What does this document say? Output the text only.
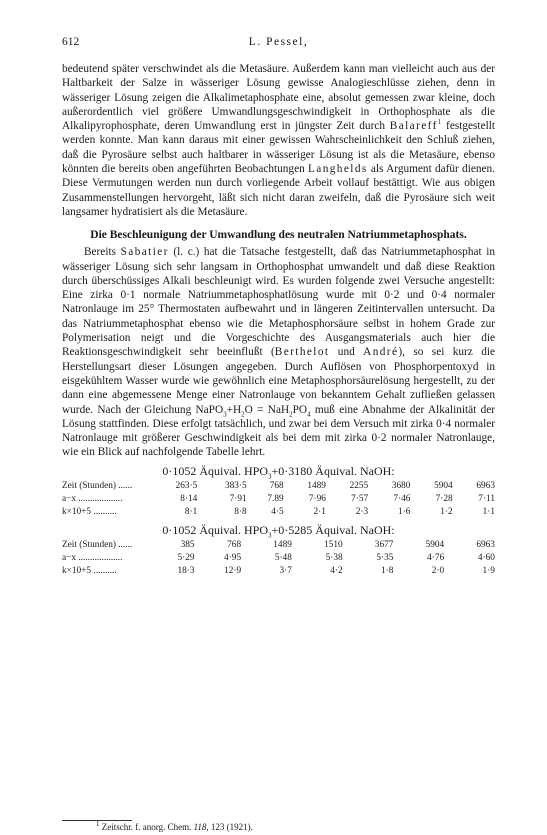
612	L. Pessel,

bedeutend später verschwindet als die Metasäure. Außerdem kann man vielleicht auch aus der Haltbarkeit der Salze in wässeriger Lösung gewisse Analogieschlüsse ziehen, denn in wässeriger Lösung zeigen die Alkalimetaphosphate eine, absolut gemessen zwar kleine, doch außerordentlich viel größere Umwandlungsgeschwindigkeit in Orthophosphate als die Alkalipyrophosphate, deren Umwandlung erst in jüngster Zeit durch Balareff$^1$ festgestellt werden konnte. Man kann daraus mit einer gewissen Wahrscheinlichkeit den Schluß ziehen, daß die Pyrosäure selbst auch haltbarer in wässeriger Lösung ist als die Metasäure, ebenso könnten die bereits oben angeführten Beobachtungen Langhelds als Argument dafür dienen. Diese Vermutungen werden nun durch vorliegende Arbeit vollauf bestättigt. Wie aus obigen Zusammenstellungen hervorgeht, läßt sich nicht daran zweifeln, daß die Pyrosäure sich weit langsamer hydratisiert als die Metasäure.

Die Beschleunigung der Umwandlung des neutralen Natriummetaphosphats.

Bereits Sabatier (l. c.) hat die Tatsache festgestellt, daß das Natriummetaphosphat in wässeriger Lösung sich sehr langsam in Orthophosphat umwandelt und daß diese Reaktion durch überschüssiges Alkali beschleunigt wird. Es wurden folgende zwei Versuche angestellt: Eine zirka 0·1 normale Natriummetaphosphatlösung wurde mit 0·2 und 0·4 normaler Natronlauge im 25° Thermostaten aufbewahrt und in längeren Zeitintervallen untersucht. Da das Natriummetaphosphat ebenso wie die Metaphosphorsäure selbst in hohem Grade zur Polymerisation neigt und die Vorgeschichte des Ausgangsmaterials auch hier die Reaktionsgeschwindigkeit sehr beeinflußt (Berthelot und André), so sei kurz die Herstellungsart dieser Lösungen angegeben. Durch Auflösen von Phosphorpentoxyd in eisgekühltem Wasser wurde wie gewöhnlich eine Metaphosphorsäurelösung hergestellt, zu der dann eine abgemessene Menge einer Natronlauge von bekanntem Gehalt zufließen gelassen wurde. Nach der Gleichung $NaPO_3+H_2O = NaH_2PO_4$ muß eine Abnahme der Alkalinität der Lösung stattfinden. Diese erfolgt tatsächlich, und zwar bei dem Versuch mit zirka 0·4 normaler Natronlauge mit größerer Geschwindigkeit als bei dem mit zirka 0·2 normaler Natronlauge, wie ein Blick auf nachfolgende Tabelle lehrt.

0·1052 Äquival. $HPO_3+0\cdot 3180$ Äquival. NaOH:
Zeit (Stunden) ......	263·5	383·5	768	1489	2255	3680	5904	6963
a−x ...................	8·14	7·91	7.89	7·96	7·57	7·46	7·28	7·11
k×10+5 ..........	8·1	8·8	4·5	2·1	2·3	1·6	1·2	1·1
0·1052 Äquival. $HPO_3+0\cdot 5285$ Äquival. NaOH:
Zeit (Stunden) ......	385	768	1489	1510	3677	5904	6963	
a−x ...................	5·29	4·95	5·48	5·38	5·35	4·76	4·60	
k×10+5 ..........	18·3	12·9	3·7	4·2	1·8	2·0	1·9	
$^1$ Zeitschr. f. anorg. Chem. 118, 123 (1921).
